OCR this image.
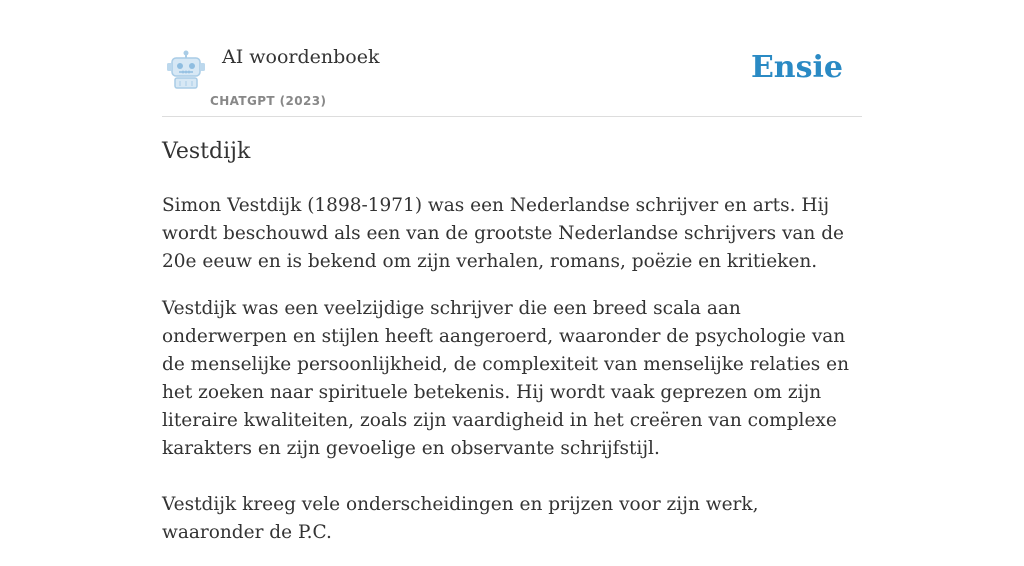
AI woordenboek
CHATGPT (2023)
Ensie
Vestdijk

Simon Vestdijk (1898-1971) was een Nederlandse schrijver en arts. Hij wordt beschouwd als een van de grootste Nederlandse schrijvers van de 20e eeuw en is bekend om zijn verhalen, romans, poëzie en kritieken.

Vestdijk was een veelzijdige schrijver die een breed scala aan onderwerpen en stijlen heeft aangeroerd, waaronder de psychologie van de menselijke persoonlijkheid, de complexiteit van menselijke relaties en het zoeken naar spirituele betekenis. Hij wordt vaak geprezen om zijn literaire kwaliteiten, zoals zijn vaardigheid in het creëren van complexe karakters en zijn gevoelige en observante schrijfstijl.

Vestdijk kreeg vele onderscheidingen en prijzen voor zijn werk, waaronder de P.C.
